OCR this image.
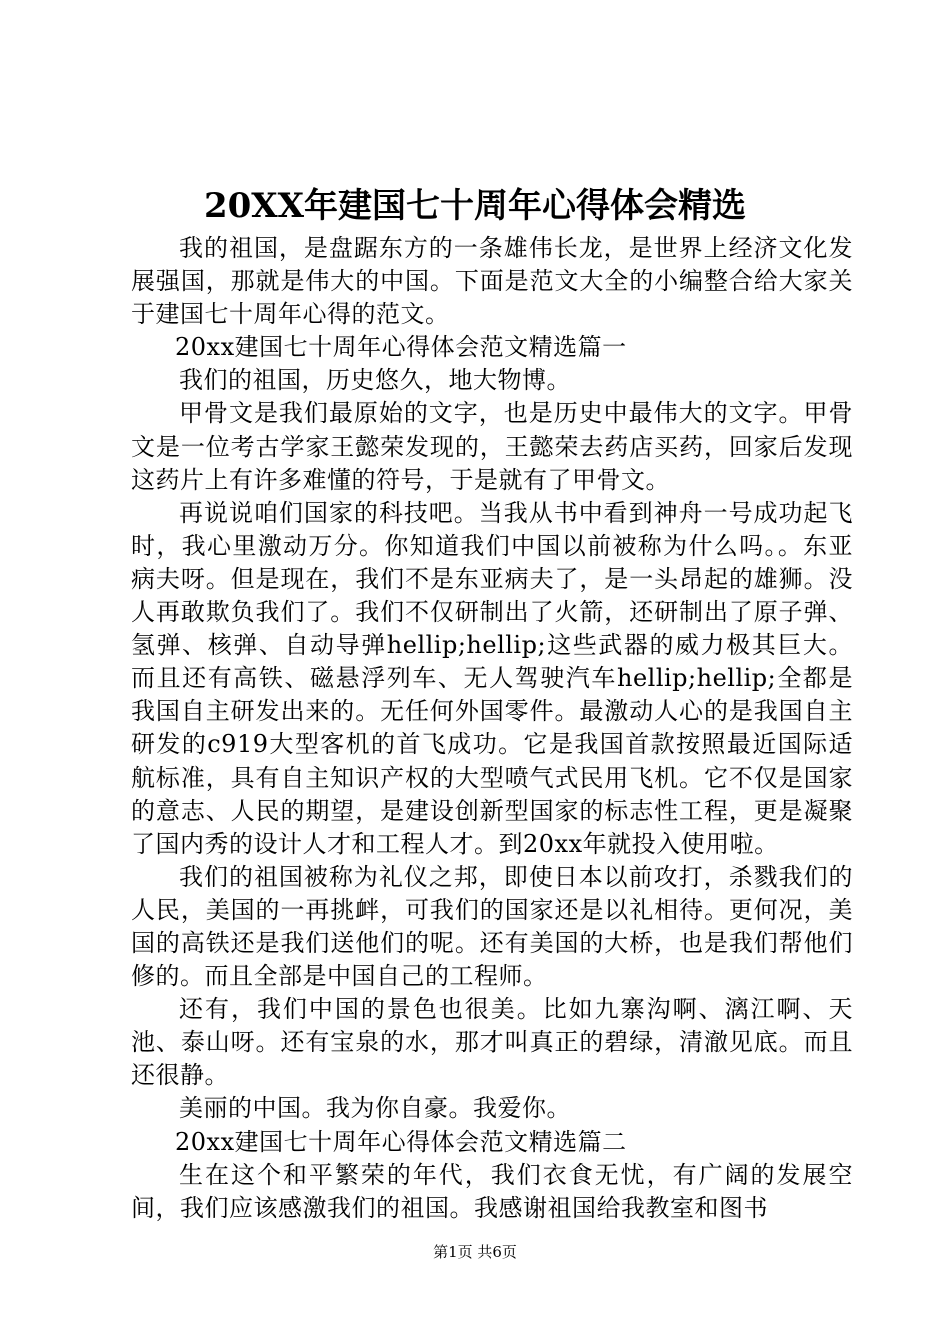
20XX年建国七十周年心得体会精选

我的祖国，是盘踞东方的一条雄伟长龙，是世界上经济文化发展强国，那就是伟大的中国。下面是范文大全的小编整合给大家关于建国七十周年心得的范文。

20xx建国七十周年心得体会范文精选篇一

我们的祖国，历史悠久，地大物博。

甲骨文是我们最原始的文字，也是历史中最伟大的文字。甲骨文是一位考古学家王懿荣发现的，王懿荣去药店买药，回家后发现这药片上有许多难懂的符号，于是就有了甲骨文。

再说说咱们国家的科技吧。当我从书中看到神舟一号成功起飞时，我心里激动万分。你知道我们中国以前被称为什么吗。。东亚病夫呀。但是现在，我们不是东亚病夫了，是一头昂起的雄狮。没人再敢欺负我们了。我们不仅研制出了火箭，还研制出了原子弹、氢弹、核弹、自动导弹hellip;hellip;这些武器的威力极其巨大。而且还有高铁、磁悬浮列车、无人驾驶汽车hellip;hellip;全都是我国自主研发出来的。无任何外国零件。最激动人心的是我国自主研发的c919大型客机的首飞成功。它是我国首款按照最近国际适航标准，具有自主知识产权的大型喷气式民用飞机。它不仅是国家的意志、人民的期望，是建设创新型国家的标志性工程，更是凝聚了国内秀的设计人才和工程人才。到20xx年就投入使用啦。

我们的祖国被称为礼仪之邦，即使日本以前攻打，杀戮我们的人民，美国的一再挑衅，可我们的国家还是以礼相待。更何况，美国的高铁还是我们送他们的呢。还有美国的大桥，也是我们帮他们修的。而且全部是中国自己的工程师。

还有，我们中国的景色也很美。比如九寨沟啊、漓江啊、天池、泰山呀。还有宝泉的水，那才叫真正的碧绿，清澈见底。而且还很静。

美丽的中国。我为你自豪。我爱你。

20xx建国七十周年心得体会范文精选篇二

生在这个和平繁荣的年代，我们衣食无忧，有广阔的发展空间，我们应该感激我们的祖国。我感谢祖国给我教室和图书

第1页 共6页
